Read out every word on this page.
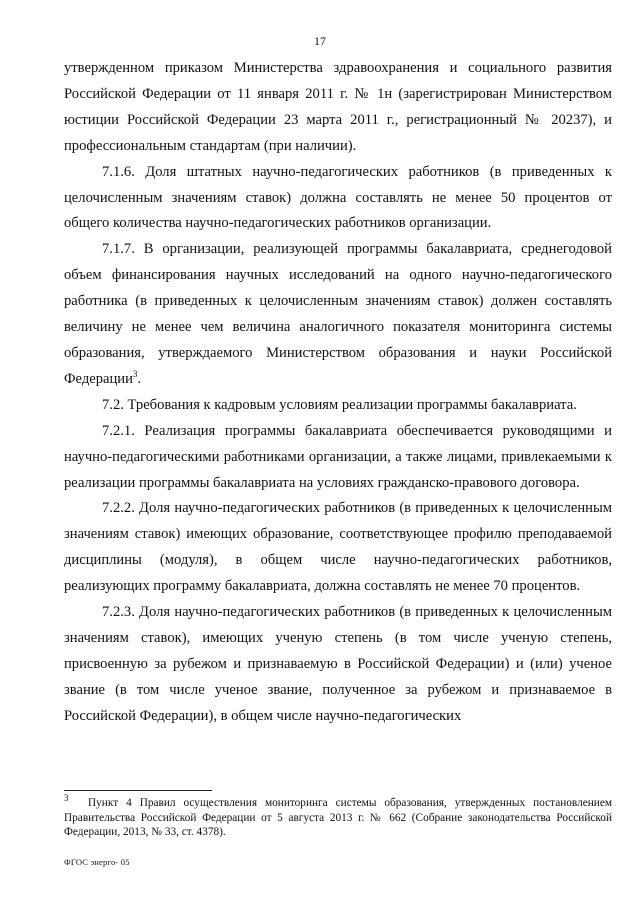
17

утвержденном приказом Министерства здравоохранения и социального развития Российской Федерации от 11 января 2011 г. № 1н (зарегистрирован Министерством юстиции Российской Федерации 23 марта 2011 г., регистрационный № 20237), и профессиональным стандартам (при наличии).

7.1.6. Доля штатных научно-педагогических работников (в приведенных к целочисленным значениям ставок) должна составлять не менее 50 процентов от общего количества научно-педагогических работников организации.

7.1.7. В организации, реализующей программы бакалавриата, среднегодовой объем финансирования научных исследований на одного научно-педагогического работника (в приведенных к целочисленным значениям ставок) должен составлять величину не менее чем величина аналогичного показателя мониторинга системы образования, утверждаемого Министерством образования и науки Российской Федерации$^3$.

7.2. Требования к кадровым условиям реализации программы бакалавриата.

7.2.1. Реализация программы бакалавриата обеспечивается руководящими и научно-педагогическими работниками организации, а также лицами, привлекаемыми к реализации программы бакалавриата на условиях гражданско-правового договора.

7.2.2. Доля научно-педагогических работников (в приведенных к целочисленным значениям ставок) имеющих образование, соответствующее профилю преподаваемой дисциплины (модуля), в общем числе научно-педагогических работников, реализующих программу бакалавриата, должна составлять не менее 70 процентов.

7.2.3. Доля научно-педагогических работников (в приведенных к целочисленным значениям ставок), имеющих ученую степень (в том числе ученую степень, присвоенную за рубежом и признаваемую в Российской Федерации) и (или) ученое звание (в том числе ученое звание, полученное за рубежом и признаваемое в Российской Федерации), в общем числе научно-педагогических

$^3$ Пункт 4 Правил осуществления мониторинга системы образования, утвержденных постановлением Правительства Российской Федерации от 5 августа 2013 г. № 662 (Собрание законодательства Российской Федерации, 2013, № 33, ст. 4378).
ФГОС энерго- 05
